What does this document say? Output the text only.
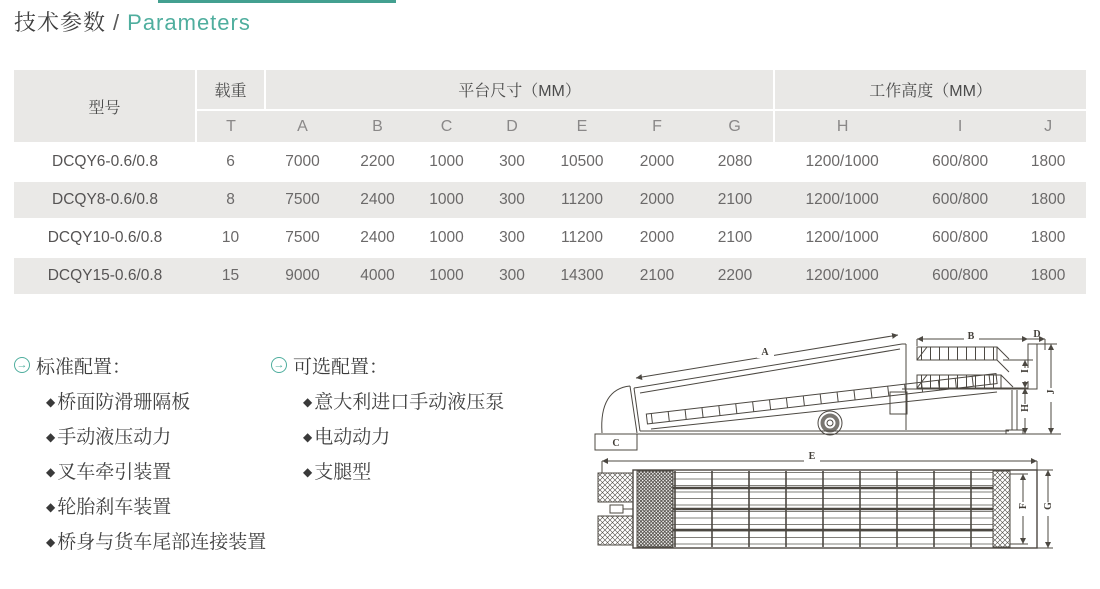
技术参数 / Parameters
型号	载重	平台尺寸（MM）							工作高度（MM）		
	T	A	B	C	D	E	F	G	H	I	J
DCQY6-0.6/0.8	6	7000	2200	1000	300	10500	2000	2080	1200/1000	600/800	1800
DCQY8-0.6/0.8	8	7500	2400	1000	300	11200	2000	2100	1200/1000	600/800	1800
DCQY10-0.6/0.8	10	7500	2400	1000	300	11200	2000	2100	1200/1000	600/800	1800
DCQY15-0.6/0.8	15	9000	4000	1000	300	14300	2100	2200	1200/1000	600/800	1800
→ 标准配置：
◆ 桥面防滑珊隔板
◆ 手动液压动力
◆ 叉车牵引装置
◆ 轮胎刹车装置
◆ 桥身与货车尾部连接装置
→ 可选配置：
◆ 意大利进口手动液压泵
◆ 电动动力
◆ 支腿型
A
B	D
C
I
H
J
E
F G
